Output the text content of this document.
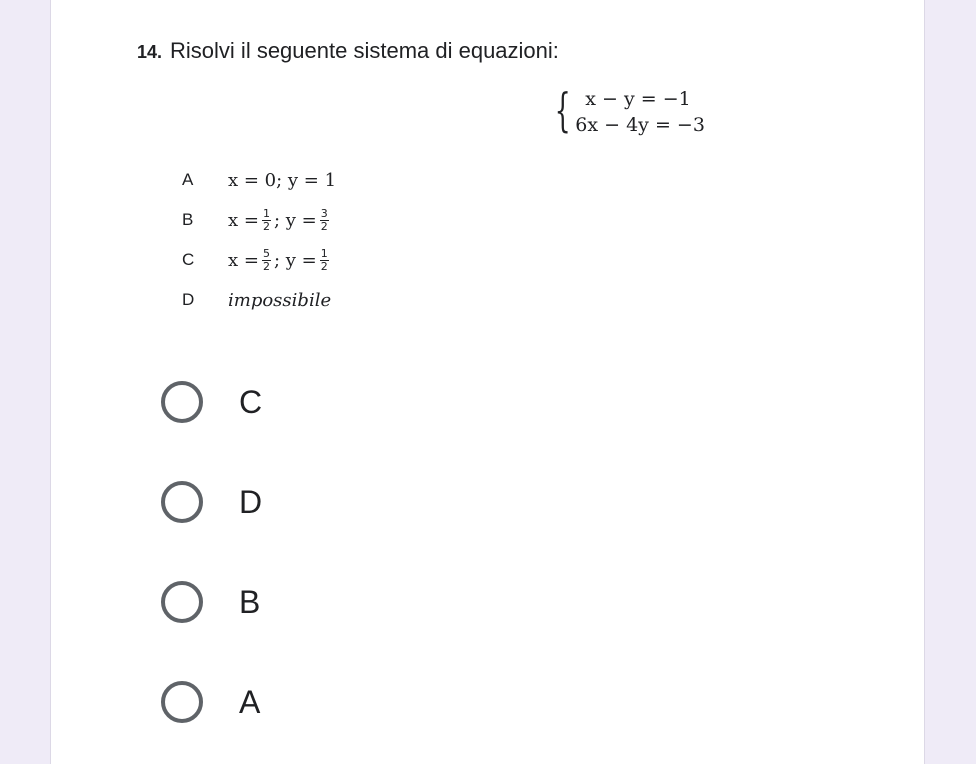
14. Risolvi il seguente sistema di equazioni:
{ x − y = −1
6x − 4y = −3
A	x = 0; y = 1
B	$x = \frac{1}{2}$ ; $y = \frac{3}{2}$
C	$x = \frac{5}{2}$ ; $y = \frac{1}{2}$
D	impossibile
C
D
B
A
